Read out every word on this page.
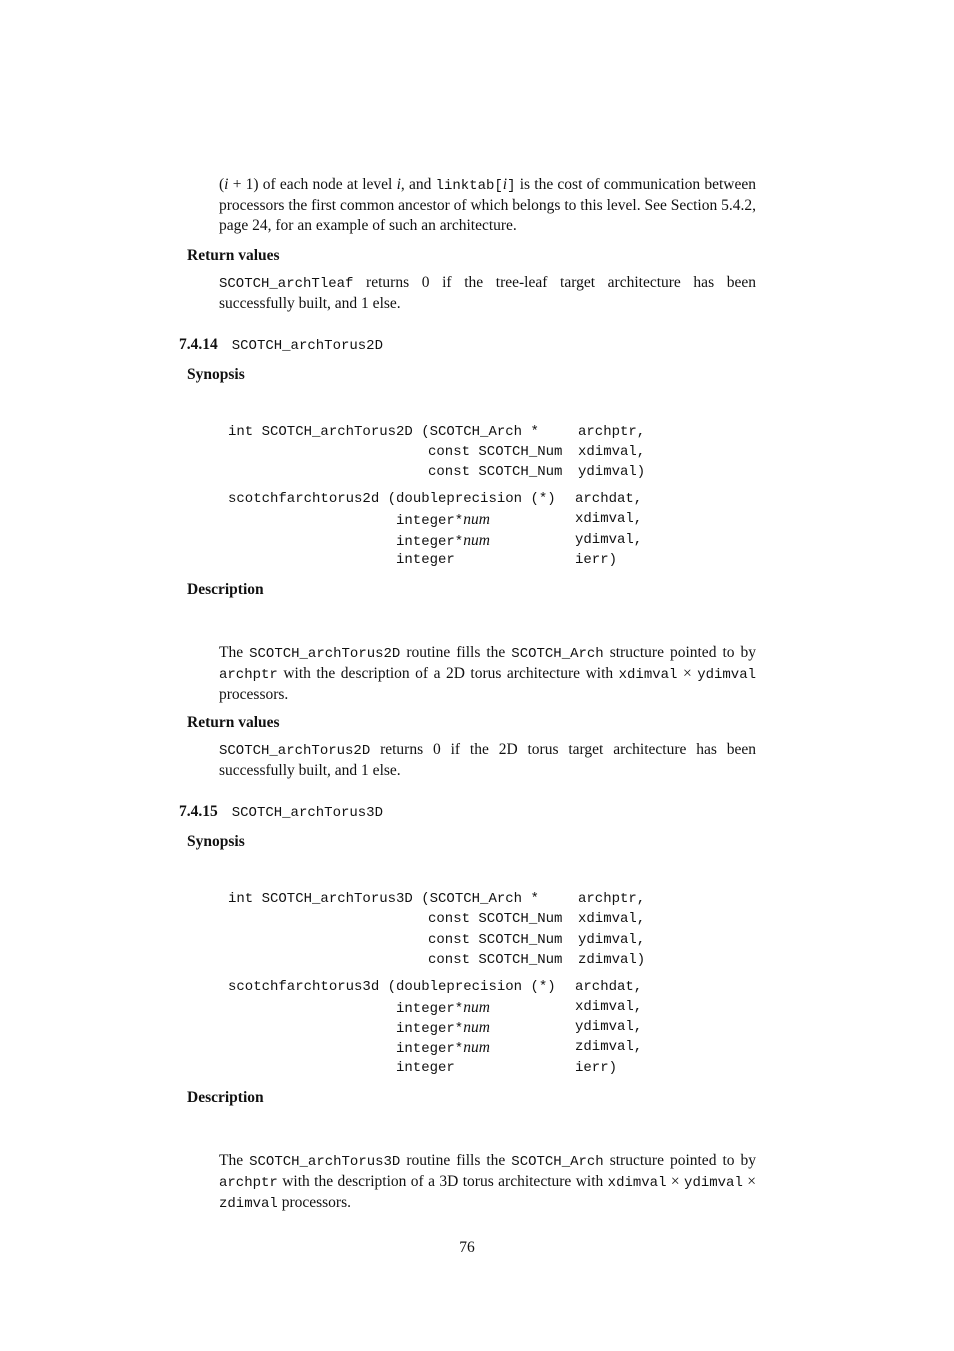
(i + 1) of each node at level i, and linktab[i] is the cost of communication between processors the first common ancestor of which belongs to this level. See Section 5.4.2, page 24, for an example of such an architecture.
Return values
SCOTCH_archTleaf returns 0 if the tree-leaf target architecture has been successfully built, and 1 else.
7.4.14 SCOTCH_archTorus2D
Synopsis
int SCOTCH_archTorus2D (SCOTCH_Arch *	archptr,
const SCOTCH_Num xdimval,
const SCOTCH_Num ydimval)
scotchfarchtorus2d (doubleprecision (*) archdat,
integer*num	xdimval,
integer*num	ydimval,
integer	ierr)
Description
The SCOTCH_archTorus2D routine fills the SCOTCH_Arch structure pointed to by archptr with the description of a 2D torus architecture with xdimval × ydimval processors.
Return values
SCOTCH_archTorus2D returns 0 if the 2D torus target architecture has been successfully built, and 1 else.
7.4.15 SCOTCH_archTorus3D
Synopsis
int SCOTCH_archTorus3D (SCOTCH_Arch *	archptr,
const SCOTCH_Num xdimval,
const SCOTCH_Num ydimval,
const SCOTCH_Num zdimval)
scotchfarchtorus3d (doubleprecision (*) archdat,
integer*num	xdimval,
integer*num	ydimval,
integer*num	zdimval,
integer	ierr)
Description
The SCOTCH_archTorus3D routine fills the SCOTCH_Arch structure pointed to by archptr with the description of a 3D torus architecture with xdimval × ydimval × zdimval processors.
76
